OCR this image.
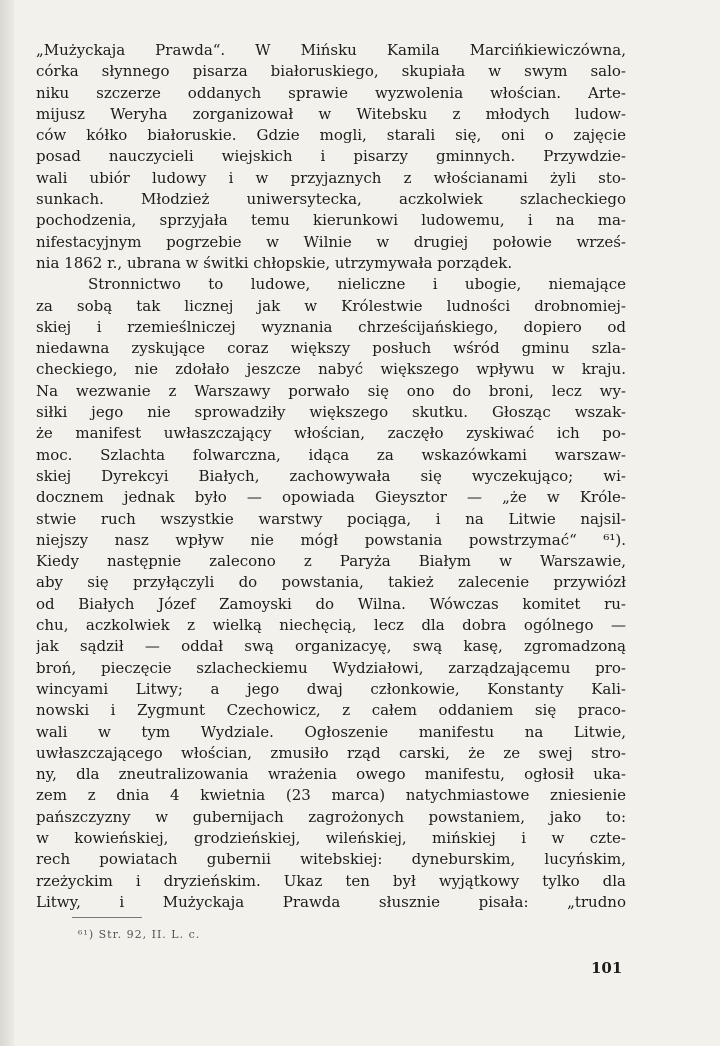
„Mużyckaja Prawda“. W Mińsku Kamila Marcińkiewiczówna,
córka słynnego pisarza białoruskiego, skupiała w swym salo-
niku szczerze oddanych sprawie wyzwolenia włościan. Arte-
mijusz Weryha zorganizował w Witebsku z młodych ludow-
ców kółko białoruskie. Gdzie mogli, starali się, oni o zajęcie
posad nauczycieli wiejskich i pisarzy gminnych. Przywdzie-
wali ubiór ludowy i w przyjaznych z włościanami żyli sto-
sunkach. Młodzież uniwersytecka, aczkolwiek szlacheckiego
pochodzenia, sprzyjała temu kierunkowi ludowemu, i na ma-
nifestacyjnym pogrzebie w Wilnie w drugiej połowie wrześ-
nia 1862 r., ubrana w świtki chłopskie, utrzymywała porządek.
Stronnictwo to ludowe, nieliczne i ubogie, niemające
za sobą tak licznej jak w Królestwie ludności drobnomiej-
skiej i rzemieślniczej wyznania chrześcijańskiego, dopiero od
niedawna zyskujące coraz większy posłuch wśród gminu szla-
checkiego, nie zdołało jeszcze nabyć większego wpływu w kraju.
Na wezwanie z Warszawy porwało się ono do broni, lecz wy-
siłki jego nie sprowadziły większego skutku. Głosząc wszak-
że manifest uwłaszczający włościan, zaczęło zyskiwać ich po-
moc. Szlachta folwarczna, idąca za wskazówkami warszaw-
skiej Dyrekcyi Białych, zachowywała się wyczekująco; wi-
docznem jednak było — opowiada Gieysztor — „że w Króle-
stwie ruch wszystkie warstwy pociąga, i na Litwie najsil-
niejszy nasz wpływ nie mógł powstania powstrzymać“ ⁶¹).
Kiedy następnie zalecono z Paryża Białym w Warszawie,
aby się przyłączyli do powstania, takież zalecenie przywiózł
od Białych Józef Zamoyski do Wilna. Wówczas komitet ru-
chu, aczkolwiek z wielką niechęcią, lecz dla dobra ogólnego —
jak sądził — oddał swą organizacyę, swą kasę, zgromadzoną
broń, pieczęcie szlacheckiemu Wydziałowi, zarządzającemu pro-
wincyami Litwy; a jego dwaj członkowie, Konstanty Kali-
nowski i Zygmunt Czechowicz, z całem oddaniem się praco-
wali w tym Wydziale. Ogłoszenie manifestu na Litwie,
uwłaszczającego włościan, zmusiło rząd carski, że ze swej stro-
ny, dla zneutralizowania wrażenia owego manifestu, ogłosił uka-
zem z dnia 4 kwietnia (23 marca) natychmiastowe zniesienie
pańszczyzny w gubernijach zagrożonych powstaniem, jako to:
w kowieńskiej, grodzieńskiej, wileńskiej, mińskiej i w czte-
rech powiatach gubernii witebskiej: dyneburskim, lucyńskim,
rzeżyckim i dryzieńskim. Ukaz ten był wyjątkowy tylko dla
Litwy, i Mużyckaja Prawda słusznie pisała: „trudno
⁶¹) Str. 92, II. L. c.
101
